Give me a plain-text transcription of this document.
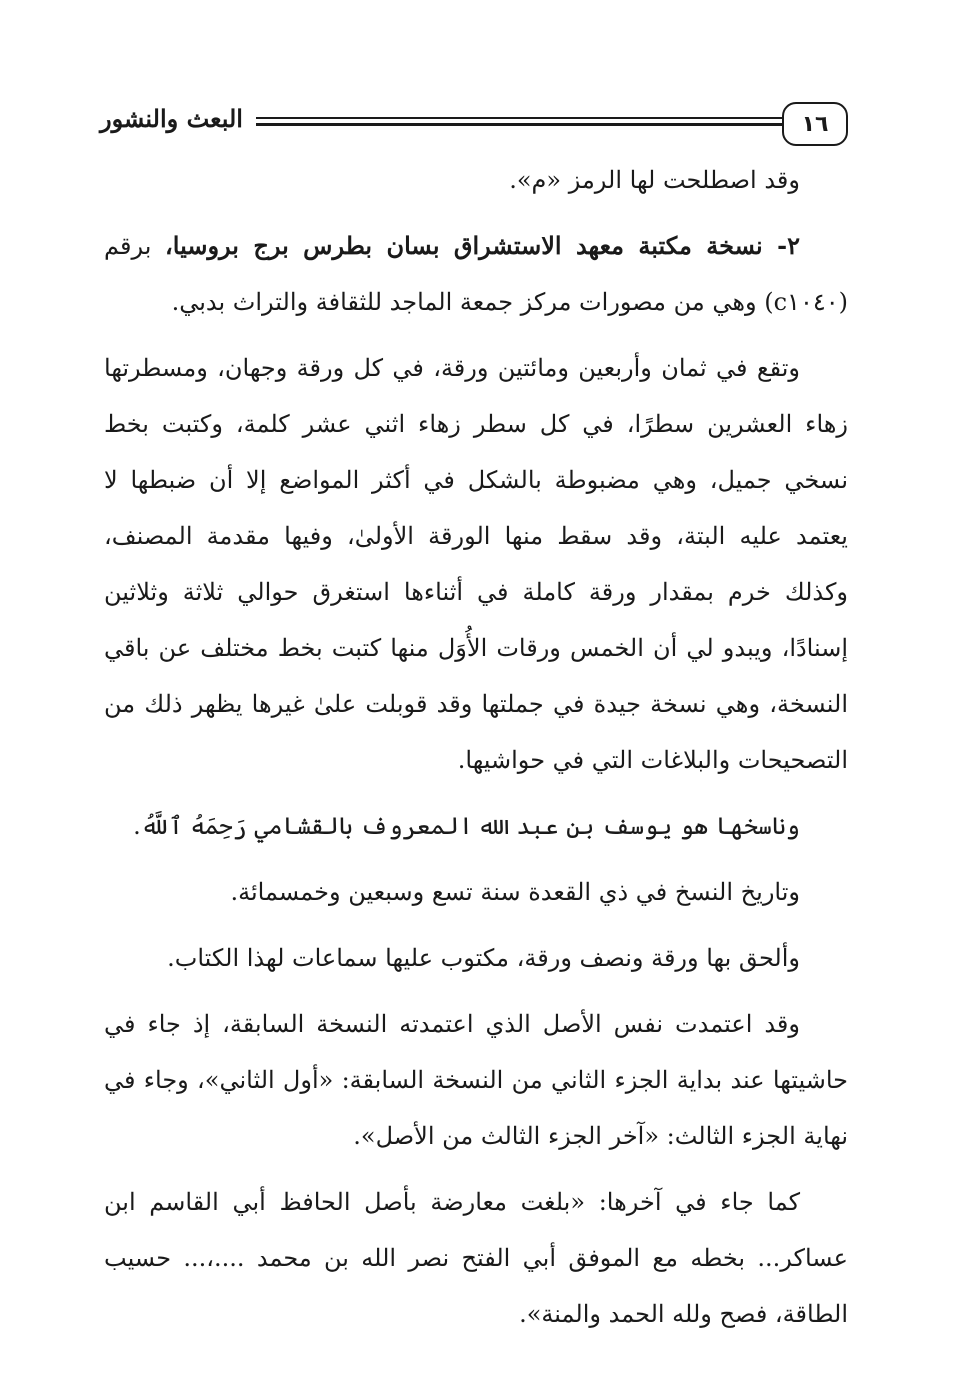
١٦
البعث والنشور

وقد اصطلحت لها الرمز «م».

٢- نسخة مكتبة معهد الاستشراق بسان بطرس برج بروسيا، برقم (c١٠٤٠) وهي من مصورات مركز جمعة الماجد للثقافة والتراث بدبي.

وتقع في ثمان وأربعين ومائتين ورقة، في كل ورقة وجهان، ومسطرتها زهاء العشرين سطرًا، في كل سطر زهاء اثني عشر كلمة، وكتبت بخط نسخي جميل، وهي مضبوطة بالشكل في أكثر المواضع إلا أن ضبطها لا يعتمد عليه البتة، وقد سقط منها الورقة الأولىٰ، وفيها مقدمة المصنف، وكذلك خرم بمقدار ورقة كاملة في أثناءها استغرق حوالي ثلاثة وثلاثين إسنادًا، ويبدو لي أن الخمس ورقات الأُوَل منها كتبت بخط مختلف عن باقي النسخة، وهي نسخة جيدة في جملتها وقد قوبلت علىٰ غيرها يظهر ذلك من التصحيحات والبلاغات التي في حواشيها.

وناسخها هو يوسف بن عبد الله المعروف بالقشامي رَحِمَهُ ٱللَّهُ.

وتاريخ النسخ في ذي القعدة سنة تسع وسبعين وخمسمائة.

وألحق بها ورقة ونصف ورقة، مكتوب عليها سماعات لهذا الكتاب.

وقد اعتمدت نفس الأصل الذي اعتمدته النسخة السابقة، إذ جاء في حاشيتها عند بداية الجزء الثاني من النسخة السابقة: «أول الثاني»، وجاء في نهاية الجزء الثالث: «آخر الجزء الثالث من الأصل».

كما جاء في آخرها: «بلغت معارضة بأصل الحافظ أبي القاسم ابن عساكر... بخطه مع الموفق أبي الفتح نصر الله بن محمد ....،... حسيب الطاقة، فصح ولله الحمد والمنة».
